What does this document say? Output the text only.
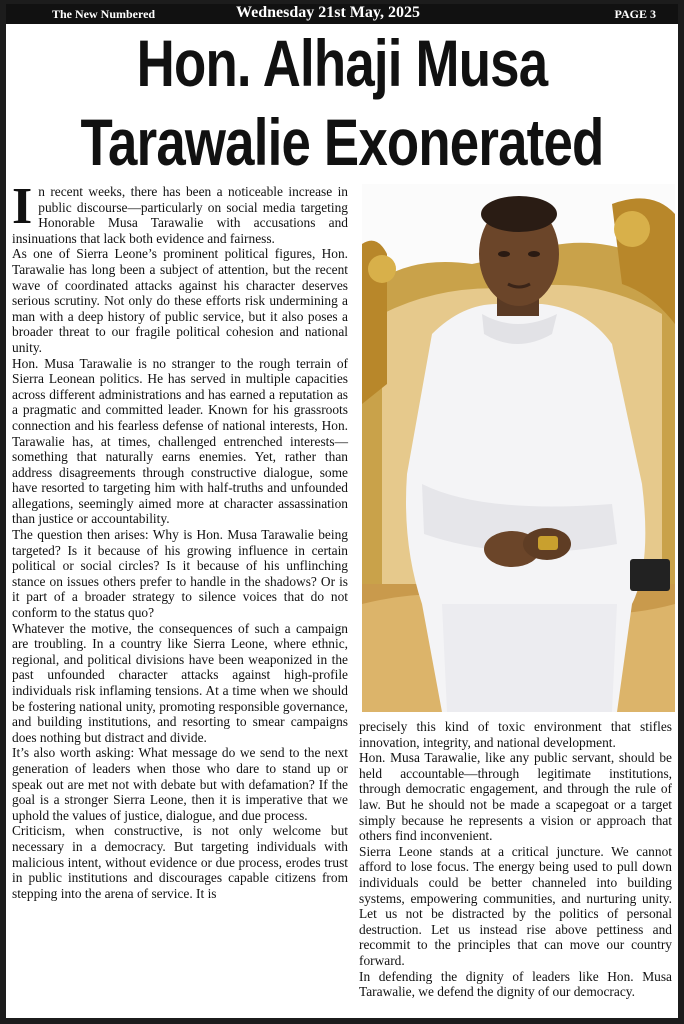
The New Numbered	Wednesday 21st May, 2025	PAGE 3
Hon. Alhaji Musa
Tarawalie Exonerated

In recent weeks, there has been a noticeable increase in public discourse—particularly on social media targeting Honorable Musa Tarawalie with accusations and insinuations that lack both evidence and fairness.

As one of Sierra Leone’s prominent political figures, Hon. Tarawalie has long been a subject of attention, but the recent wave of coordinated attacks against his character deserves serious scrutiny. Not only do these efforts risk undermining a man with a deep history of public service, but it also poses a broader threat to our fragile political cohesion and national unity.

Hon. Musa Tarawalie is no stranger to the rough terrain of Sierra Leonean politics. He has served in multiple capacities across different administrations and has earned a reputation as a pragmatic and committed leader. Known for his grassroots connection and his fearless defense of national interests, Hon. Tarawalie has, at times, challenged entrenched interests—something that naturally earns enemies. Yet, rather than address disagreements through constructive dialogue, some have resorted to targeting him with half-truths and unfounded allegations, seemingly aimed more at character assassination than justice or accountability.

The question then arises: Why is Hon. Musa Tarawalie being targeted? Is it because of his growing influence in certain political or social circles? Is it because of his unflinching stance on issues others prefer to handle in the shadows? Or is it part of a broader strategy to silence voices that do not conform to the status quo?

Whatever the motive, the consequences of such a campaign are troubling. In a country like Sierra Leone, where ethnic, regional, and political divisions have been weaponized in the past unfounded character attacks against high-profile individuals risk inflaming tensions. At a time when we should be fostering national unity, promoting responsible governance, and building institutions, and resorting to smear campaigns does nothing but distract and divide.

It’s also worth asking: What message do we send to the next generation of leaders when those who dare to stand up or speak out are met not with debate but with defamation? If the goal is a stronger Sierra Leone, then it is imperative that we uphold the values of justice, dialogue, and due process.

Criticism, when constructive, is not only welcome but necessary in a democracy. But targeting individuals with malicious intent, without evidence or due process, erodes trust in public institutions and discourages capable citizens from stepping into the arena of service. It is

precisely this kind of toxic environment that stifles innovation, integrity, and national development.

Hon. Musa Tarawalie, like any public servant, should be held accountable—through legitimate institutions, through democratic engagement, and through the rule of law. But he should not be made a scapegoat or a target simply because he represents a vision or approach that others find inconvenient.

Sierra Leone stands at a critical juncture. We cannot afford to lose focus. The energy being used to pull down individuals could be better channeled into building systems, empowering communities, and nurturing unity. Let us not be distracted by the politics of personal destruction. Let us instead rise above pettiness and recommit to the principles that can move our country forward.

In defending the dignity of leaders like Hon. Musa Tarawalie, we defend the dignity of our democracy.
